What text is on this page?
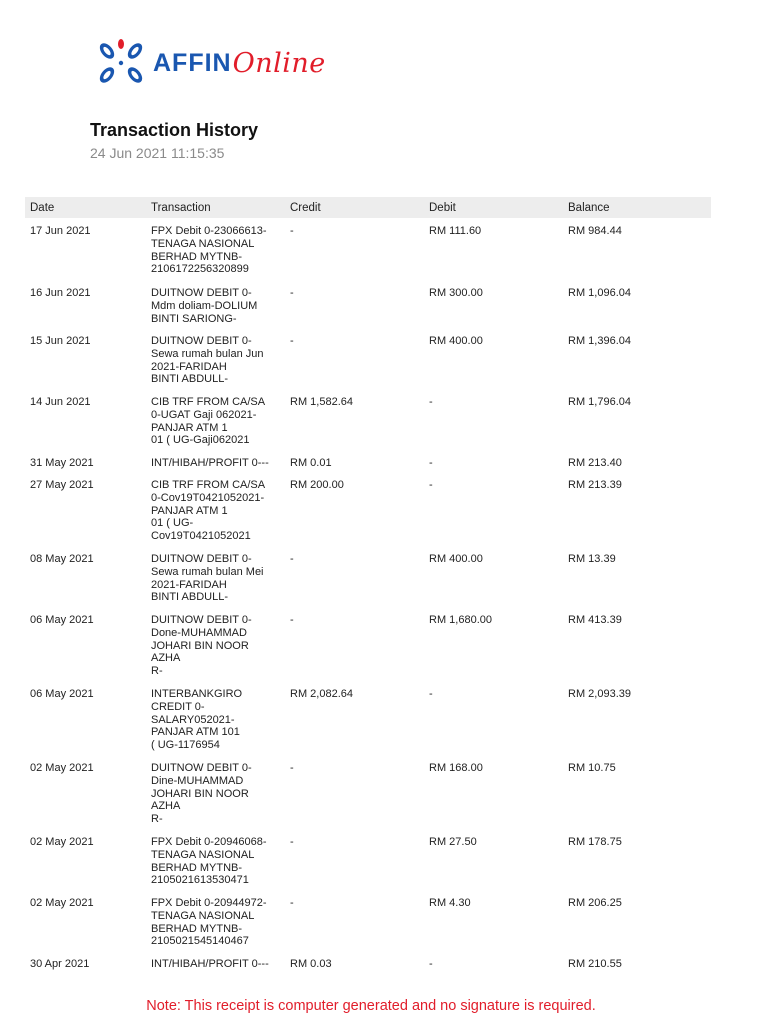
AFFIN Online
Transaction History
24 Jun 2021 11:15:35
Date	Transaction	Credit	Debit	Balance
17 Jun 2021	FPX Debit 0-23066613-
TENAGA NASIONAL
BERHAD MYTNB-
2106172256320899
-	RM 111.60	RM 984.44
16 Jun 2021	DUITNOW DEBIT 0-
Mdm doliam-DOLIUM
BINTI SARIONG-
-	RM 300.00	RM 1,096.04
15 Jun 2021	DUITNOW DEBIT 0-
Sewa rumah bulan Jun
2021-FARIDAH
BINTI ABDULL-
-	RM 400.00	RM 1,396.04
14 Jun 2021	CIB TRF FROM CA/SA
0-UGAT Gaji 062021-
PANJAR ATM 1
01 ( UG-Gaji062021
RM 1,582.64	-	RM 1,796.04
31 May 2021	INT/HIBAH/PROFIT 0---	RM 0.01	-	RM 213.40
27 May 2021	CIB TRF FROM CA/SA
0-Cov19T0421052021-
PANJAR ATM 1
01 ( UG-
Cov19T0421052021
RM 200.00	-	RM 213.39
08 May 2021	DUITNOW DEBIT 0-
Sewa rumah bulan Mei
2021-FARIDAH
BINTI ABDULL-
-	RM 400.00	RM 13.39
06 May 2021	DUITNOW DEBIT 0-
Done-MUHAMMAD
JOHARI BIN NOOR
AZHA
R-
-	RM 1,680.00	RM 413.39
06 May 2021	INTERBANKGIRO
CREDIT 0-
SALARY052021-
PANJAR ATM 101
( UG-1176954
RM 2,082.64	-	RM 2,093.39
02 May 2021	DUITNOW DEBIT 0-
Dine-MUHAMMAD
JOHARI BIN NOOR
AZHA
R-
-	RM 168.00	RM 10.75
02 May 2021	FPX Debit 0-20946068-
TENAGA NASIONAL
BERHAD MYTNB-
2105021613530471
-	RM 27.50	RM 178.75
02 May 2021	FPX Debit 0-20944972-
TENAGA NASIONAL
BERHAD MYTNB-
2105021545140467
-	RM 4.30	RM 206.25
30 Apr 2021	INT/HIBAH/PROFIT 0---	RM 0.03	-	RM 210.55
Note: This receipt is computer generated and no signature is required.
